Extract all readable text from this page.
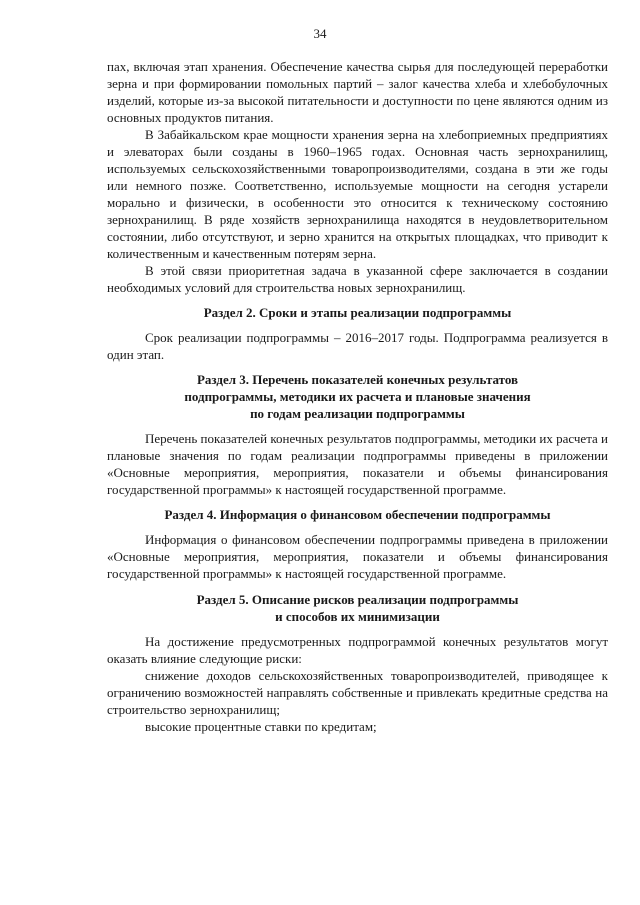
34

пах, включая этап хранения. Обеспечение качества сырья для последующей переработки зерна и при формировании помольных партий – залог качества хлеба и хлебобулочных изделий, которые из-за высокой питательности и доступности по цене являются одним из основных продуктов питания.

В Забайкальском крае мощности хранения зерна на хлебоприемных предприятиях и элеваторах были созданы в 1960–1965 годах. Основная часть зернохранилищ, используемых сельскохозяйственными товаропроизводителями, создана в эти же годы или немного позже. Соответственно, используемые мощности на сегодня устарели морально и физически, в особенности это относится к техническому состоянию зернохранилищ. В ряде хозяйств зернохранилища находятся в неудовлетворительном состоянии, либо отсутствуют, и зерно хранится на открытых площадках, что приводит к количественным и качественным потерям зерна.

В этой связи приоритетная задача в указанной сфере заключается в создании необходимых условий для строительства новых зернохранилищ.

Раздел 2. Сроки и этапы реализации подпрограммы

Срок реализации подпрограммы – 2016–2017 годы. Подпрограмма реализуется в один этап.

Раздел 3. Перечень показателей конечных результатов
подпрограммы, методики их расчета и плановые значения
по годам реализации подпрограммы

Перечень показателей конечных результатов подпрограммы, методики их расчета и плановые значения по годам реализации подпрограммы приведены в приложении «Основные мероприятия, мероприятия, показатели и объемы финансирования государственной программы» к настоящей государственной программе.

Раздел 4. Информация о финансовом обеспечении подпрограммы

Информация о финансовом обеспечении подпрограммы приведена в приложении «Основные мероприятия, мероприятия, показатели и объемы финансирования государственной программы» к настоящей государственной программе.

Раздел 5. Описание рисков реализации подпрограммы
и способов их минимизации

На достижение предусмотренных подпрограммой конечных результатов могут оказать влияние следующие риски:

снижение доходов сельскохозяйственных товаропроизводителей, приводящее к ограничению возможностей направлять собственные и привлекать кредитные средства на строительство зернохранилищ;

высокие процентные ставки по кредитам;
